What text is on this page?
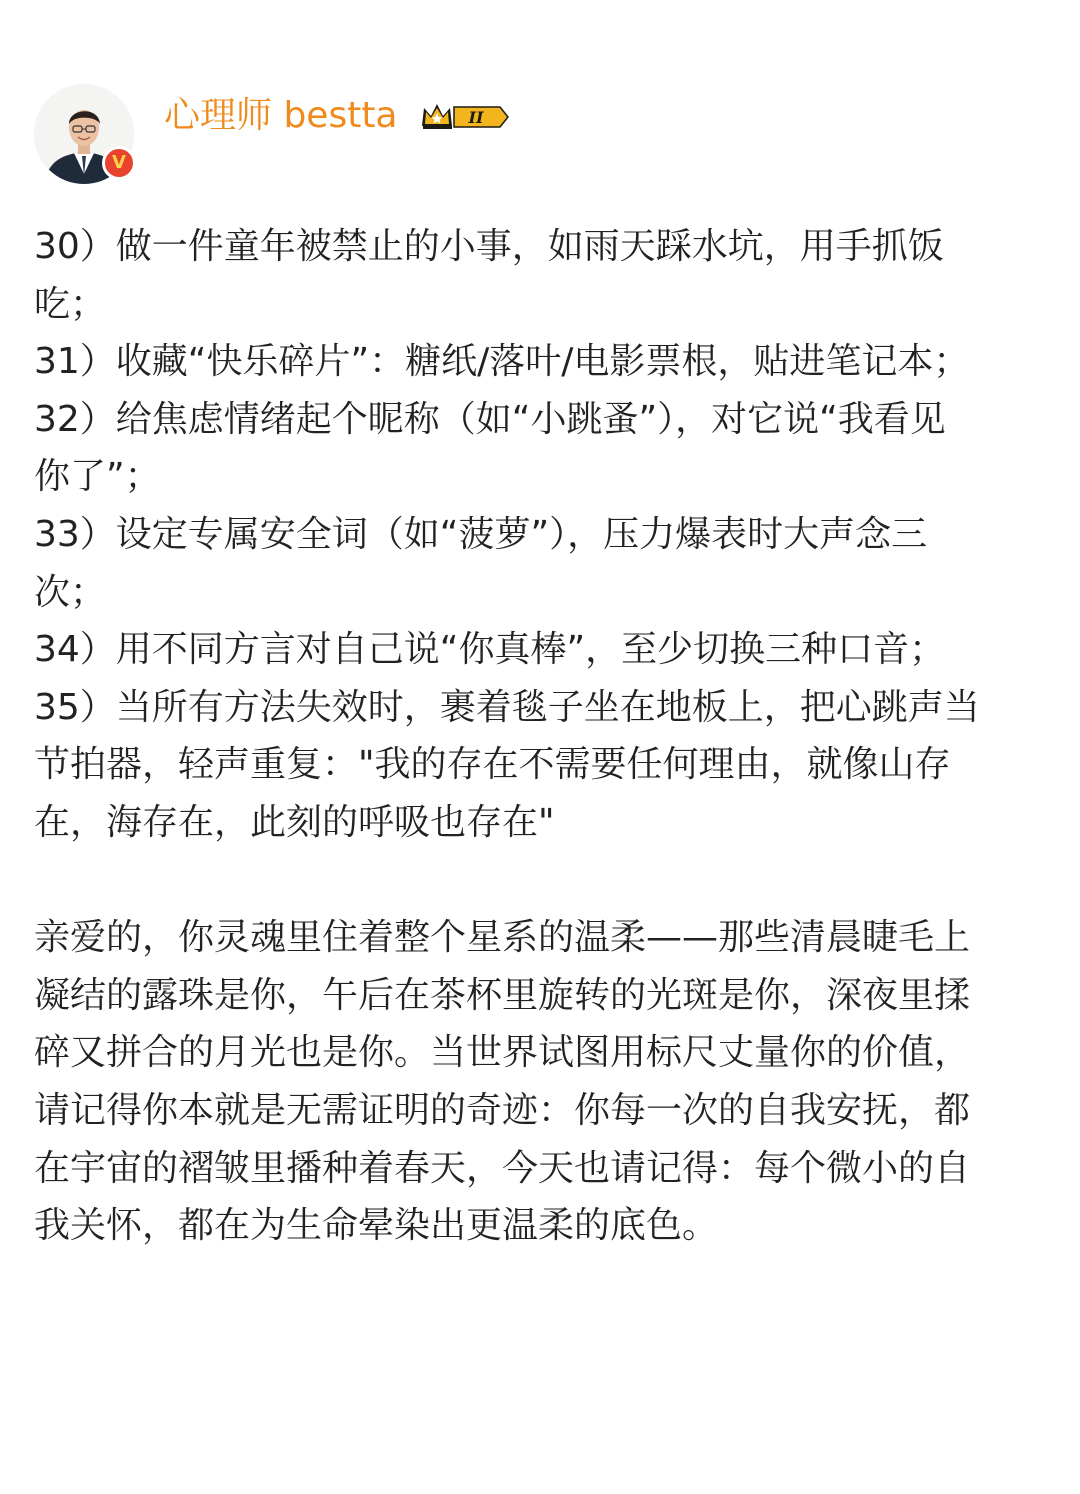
V
心理师 bestta	II
30）做一件童年被禁止的小事，如雨天踩水坑，用手抓饭
吃；
31）收藏“快乐碎片”：糖纸/落叶/电影票根，贴进笔记本；
32）给焦虑情绪起个昵称（如“小跳蚤”），对它说“我看见
你了”；
33）设定专属安全词（如“菠萝”），压力爆表时大声念三
次；
34）用不同方言对自己说“你真棒”，至少切换三种口音；
35）当所有方法失效时，裹着毯子坐在地板上，把心跳声当
节拍器，轻声重复："我的存在不需要任何理由，就像山存
在，海存在，此刻的呼吸也存在"
亲爱的，你灵魂里住着整个星系的温柔——那些清晨睫毛上
凝结的露珠是你，午后在茶杯里旋转的光斑是你，深夜里揉
碎又拼合的月光也是你。当世界试图用标尺丈量你的价值，
请记得你本就是无需证明的奇迹：你每一次的自我安抚，都
在宇宙的褶皱里播种着春天，今天也请记得：每个微小的自
我关怀，都在为生命晕染出更温柔的底色。
